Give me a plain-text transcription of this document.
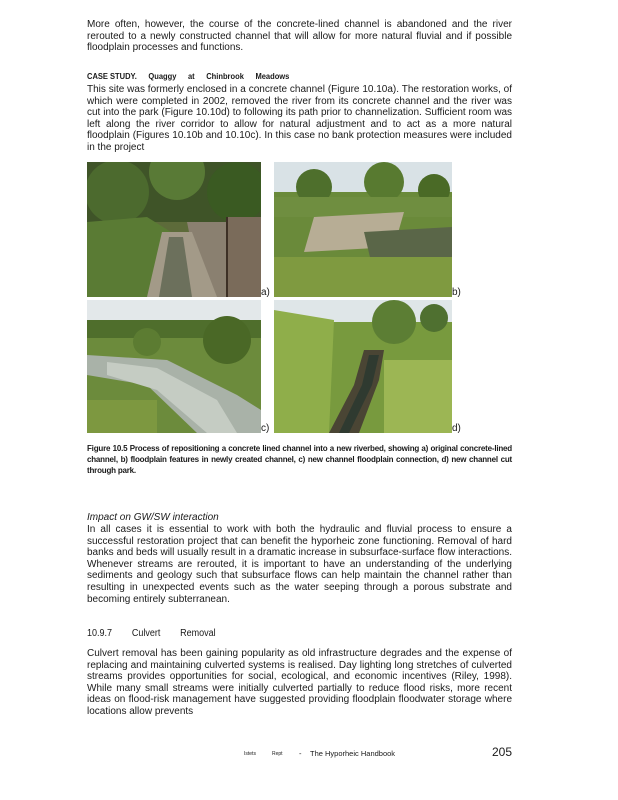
More often, however, the course of the concrete-lined channel is abandoned and the river rerouted to a newly constructed channel that will allow for more natural fluvial and if possible floodplain processes and functions.

CASE STUDY. Quaggy at Chinbrook Meadows

This site was formerly enclosed in a concrete channel (Figure 10.10a). The restoration works, of which were completed in 2002, removed the river from its concrete channel and the river was cut into the park (Figure 10.10d) to following its path prior to channelization. Sufficient room was left along the river corridor to allow for natural adjustment and to act as a more natural floodplain (Figures 10.10b and 10.10c). In this case no bank protection measures were included in the project

a)	b)
c)	d)

Figure 10.5 Process of repositioning a concrete lined channel into a new riverbed, showing a) original concrete-lined channel, b) floodplain features in newly created channel, c) new channel floodplain connection, d) new channel cut through park.

Impact on GW/SW interaction

In all cases it is essential to work with both the hydraulic and fluvial process to ensure a successful restoration project that can benefit the hyporheic zone functioning. Removal of hard banks and beds will usually result in a dramatic increase in subsurface-surface flow interactions. Whenever streams are rerouted, it is important to have an understanding of the underlying sediments and geology such that subsurface flows can help maintain the channel rather than resulting in unexpected events such as the water seeping through a porous substrate and becoming entirely subterranean.

10.9.7 Culvert Removal

Culvert removal has been gaining popularity as old infrastructure degrades and the expense of replacing and maintaining culverted systems is realised. Day lighting long stretches of culverted streams provides opportunities for social, ecological, and economic incentives (Riley, 1998). While many small streams were initially culverted partially to reduce flood risks, more recent ideas on flood-risk management have suggested providing floodplain floodwater storage where locations allow prevents

Istets	Rept - The Hyporheic Handbook	205
